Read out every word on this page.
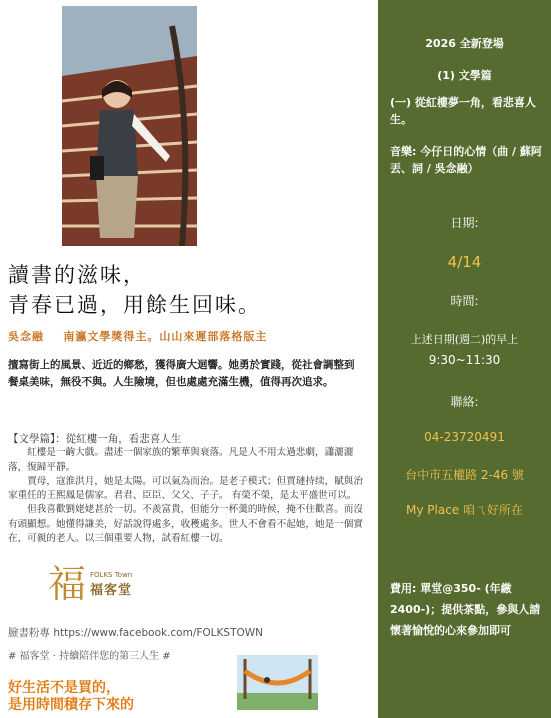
讀書的滋味，
青春已過，用餘生回味。
吳念融 南瀛文學獎得主。山山來遲部落格版主
擅寫街上的風景、近近的鄉愁，獲得廣大迴響。她勇於實踐，從社會調整到餐桌美味，無役不與。人生險境，但也處處充滿生機，值得再次追求。
【文學篇】：從紅樓一角，看悲喜人生

紅樓是一齣大戲。盡述一個家族的繁華與衰落。凡是人不用太過悲劇，瀟灑灑落，復歸平靜。

賈母，寇淮洪月，她是太陽。可以氣為而治。是老子模式；但賈璉持续，賦與治家重任的王熙鳳是儒家。君君、臣臣、父父、子子。 有榮不榮，是太平盛世可以。

但我喜歡劉姥姥甚於一切。不羨富貴，但能分一杯羹的時候，掩不住歡喜。而沒有頭顯想。她懂得謙美，好話說得處多，收穫處多。世人不會看不起她，她是一個實在，可親的老人。以三個重要人物，試看紅樓一切。

福 FOLKS Town
福客堂
臉書粉專 https://www.facebook.com/FOLKSTOWN
# 福客堂 · 持續陪伴您的第三人生 #
好生活不是買的，
是用時間積存下來的
2026 全新登場
(1) 文學篇
(一) 從紅樓夢一角，看悲喜人生。
音樂: 今仔日的心情（曲 / 蘇阿丟、詞 / 吳念融）
日期:
4/14
時間:
上述日期(週二)的早上
9:30~11:30
聯絡:
04-23720491
台中市五權路 2-46 號
My Place 咱ㄟ好所在
費用: 單堂@350- (年繳 2400-)；提供茶點，參與人請懷著愉悅的心來參加即可
